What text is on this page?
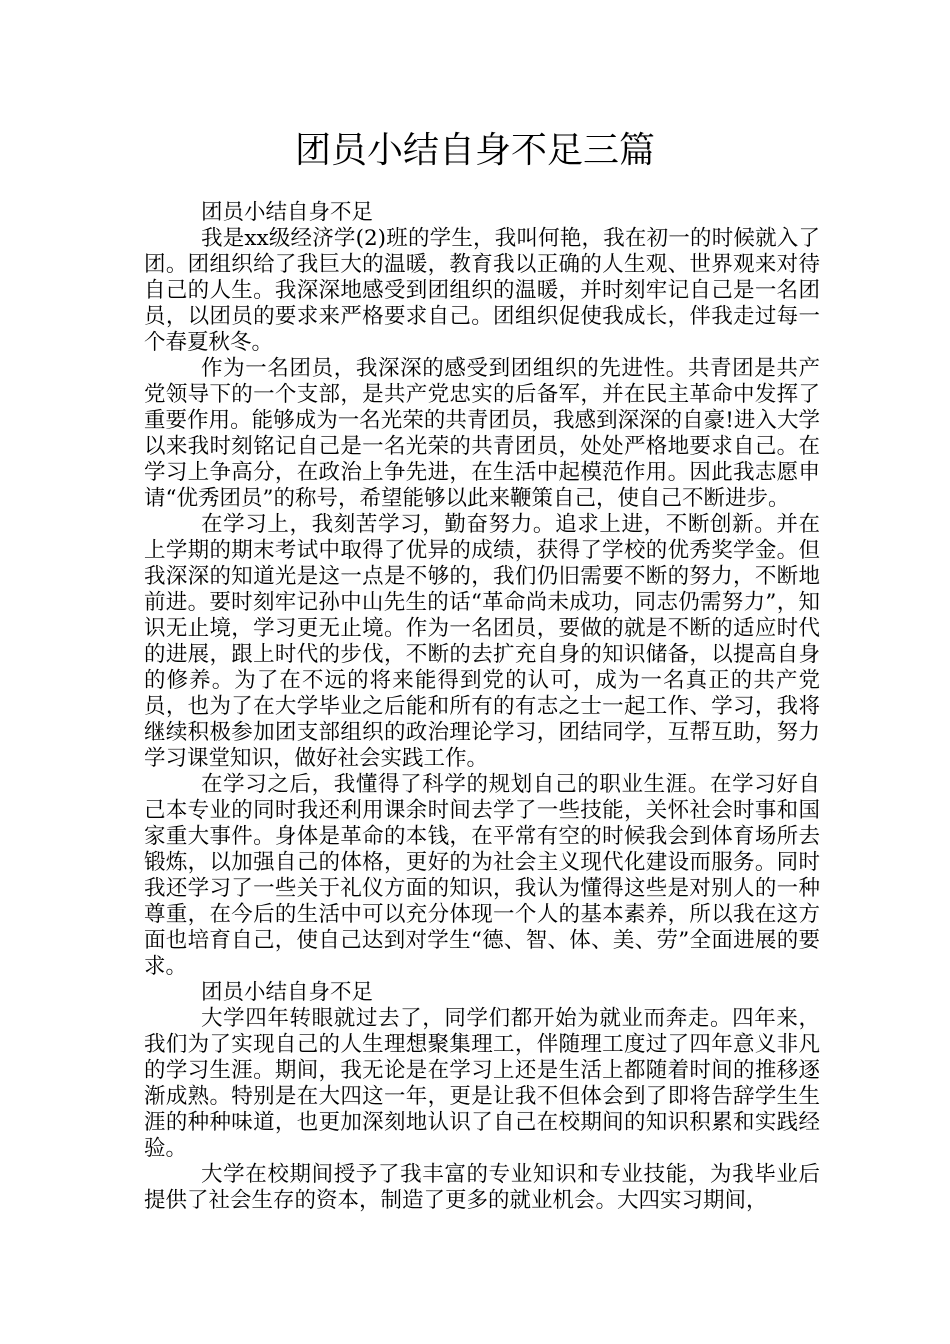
团员小结自身不足三篇
团员小结自身不足

我是xx级经济学(2)班的学生，我叫何艳，我在初一的时候就入了团。团组织给了我巨大的温暖，教育我以正确的人生观、世界观来对待自己的人生。我深深地感受到团组织的温暖，并时刻牢记自己是一名团员，以团员的要求来严格要求自己。团组织促使我成长，伴我走过每一个春夏秋冬。

作为一名团员，我深深的感受到团组织的先进性。共青团是共产党领导下的一个支部，是共产党忠实的后备军，并在民主革命中发挥了重要作用。能够成为一名光荣的共青团员，我感到深深的自豪!进入大学以来我时刻铭记自己是一名光荣的共青团员，处处严格地要求自己。在学习上争高分，在政治上争先进，在生活中起模范作用。因此我志愿申请“优秀团员”的称号，希望能够以此来鞭策自己，使自己不断进步。

在学习上，我刻苦学习，勤奋努力。追求上进，不断创新。并在上学期的期末考试中取得了优异的成绩，获得了学校的优秀奖学金。但我深深的知道光是这一点是不够的，我们仍旧需要不断的努力，不断地前进。要时刻牢记孙中山先生的话“革命尚未成功，同志仍需努力”，知识无止境，学习更无止境。作为一名团员，要做的就是不断的适应时代的进展，跟上时代的步伐，不断的去扩充自身的知识储备，以提高自身的修养。为了在不远的将来能得到党的认可，成为一名真正的共产党员，也为了在大学毕业之后能和所有的有志之士一起工作、学习，我将继续积极参加团支部组织的政治理论学习，团结同学，互帮互助，努力学习课堂知识，做好社会实践工作。

在学习之后，我懂得了科学的规划自己的职业生涯。在学习好自己本专业的同时我还利用课余时间去学了一些技能，关怀社会时事和国家重大事件。身体是革命的本钱，在平常有空的时候我会到体育场所去锻炼，以加强自己的体格，更好的为社会主义现代化建设而服务。同时我还学习了一些关于礼仪方面的知识，我认为懂得这些是对别人的一种尊重，在今后的生活中可以充分体现一个人的基本素养，所以我在这方面也培育自己，使自己达到对学生“德、智、体、美、劳”全面进展的要求。

团员小结自身不足

大学四年转眼就过去了，同学们都开始为就业而奔走。四年来，我们为了实现自己的人生理想聚集理工，伴随理工度过了四年意义非凡的学习生涯。期间，我无论是在学习上还是生活上都随着时间的推移逐渐成熟。特别是在大四这一年，更是让我不但体会到了即将告辞学生生涯的种种味道，也更加深刻地认识了自己在校期间的知识积累和实践经验。

大学在校期间授予了我丰富的专业知识和专业技能，为我毕业后提供了社会生存的资本，制造了更多的就业机会。大四实习期间，
